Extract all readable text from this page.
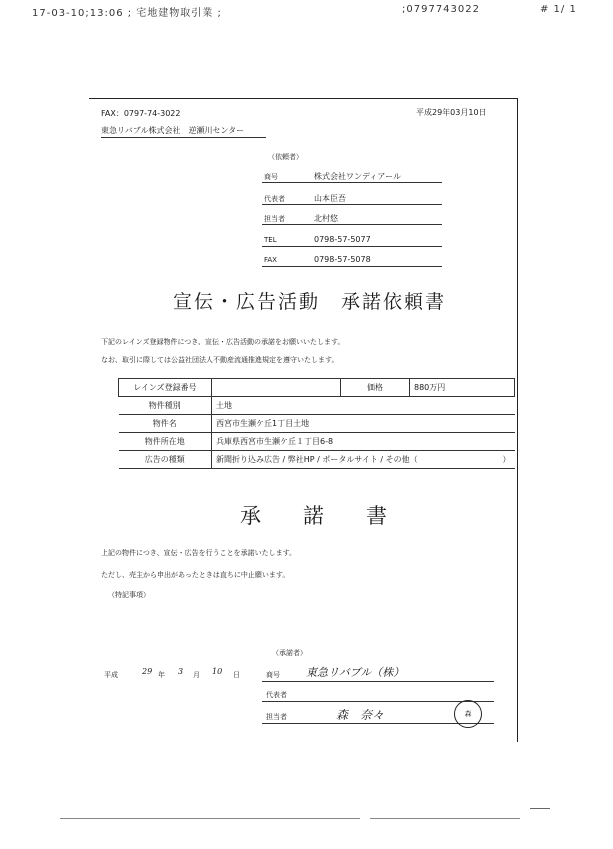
17-03-10;13:06 ; 宅地建物取引業 ;	;0797743022	# 1/ 1
FAX：0797-74-3022
東急リバブル株式会社　逆瀬川センター
平成29年03月10日
（依頼者）
商号	株式会社ワンディアール
代表者	山本臣吾
担当者	北村悠
TEL	0798-57-5077
FAX	0798-57-5078
宣伝・広告活動　承諾依頼書
下記のレインズ登録物件につき、宣伝・広告活動の承諾をお願いいたします。
なお、取引に際しては公益社団法人不動産流通推進規定を遵守いたします。
レインズ登録番号		価格	880万円
物件種別	土地		
物件名	西宮市生瀬ケ丘1丁目土地		
物件所在地	兵庫県西宮市生瀬ケ丘１丁目6-8		
広告の種類	新聞折り込み広告 / 弊社HP / ポータルサイト / その他（ ）		
承　　諾　　書
上記の物件につき、宣伝・広告を行うことを承諾いたします。
ただし、売主から申出があったときは直ちに中止願います。
（特記事項）
平成	29 年 3 月 10 日
（承諾者）
商号 東急リバブル（株）
代表者
担当者	森　奈々	森
